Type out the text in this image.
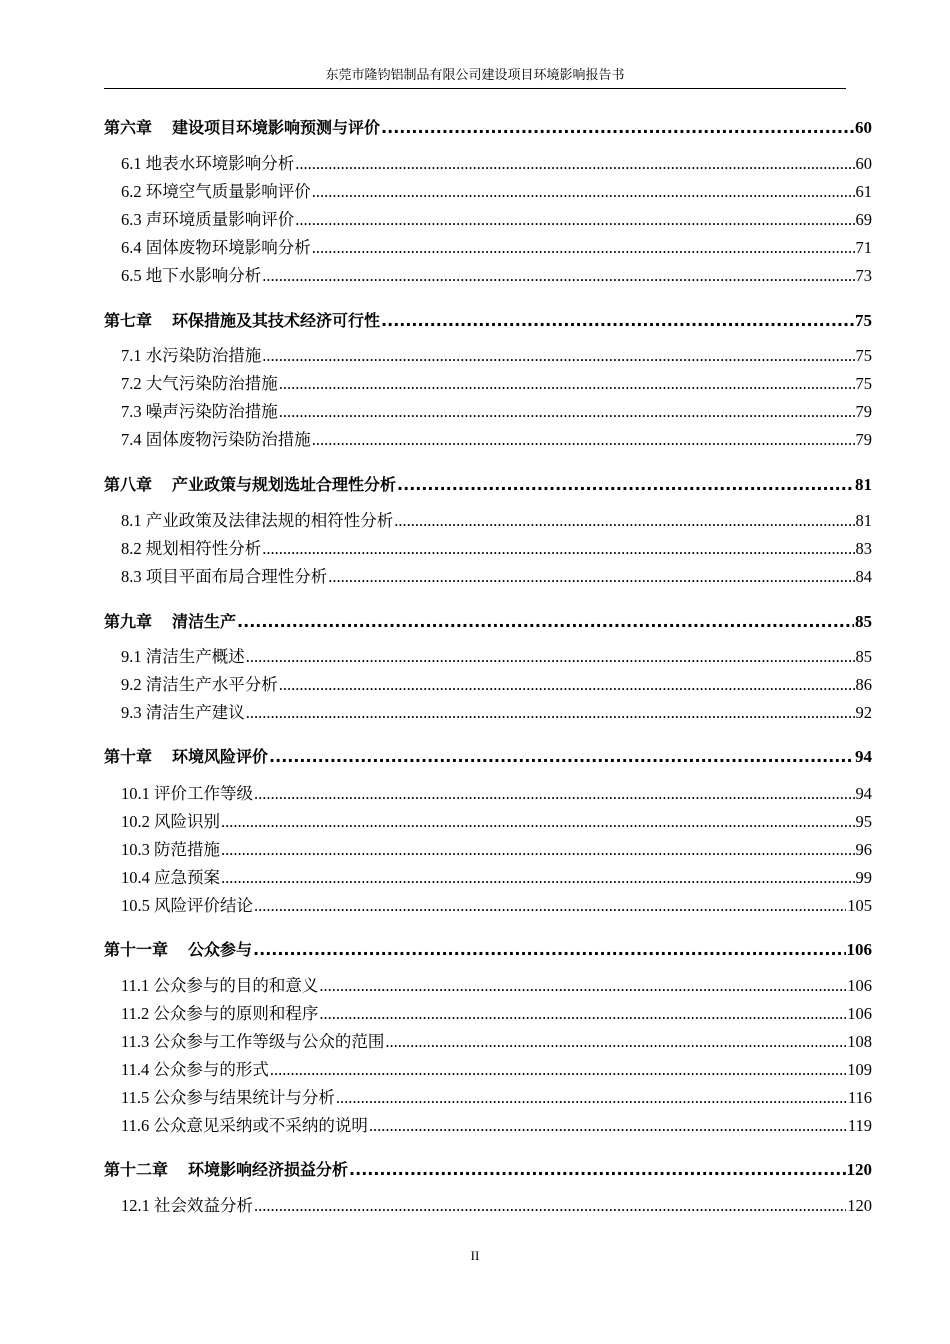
东莞市隆钧铝制品有限公司建设项目环境影响报告书
第六章 建设项目环境影响预测与评价 .....	60
6.1 地表水环境影响分析 .....	60
6.2 环境空气质量影响评价 .....	61
6.3 声环境质量影响评价 .....	69
6.4 固体废物环境影响分析 .....	71
6.5 地下水影响分析 .....	73
第七章 环保措施及其技术经济可行性 .....	75
7.1 水污染防治措施 .....	75
7.2 大气污染防治措施 .....	75
7.3 噪声污染防治措施 .....	79
7.4 固体废物污染防治措施 .....	79
第八章 产业政策与规划选址合理性分析 .....	81
8.1 产业政策及法律法规的相符性分析 .....	81
8.2 规划相符性分析 .....	83
8.3 项目平面布局合理性分析 .....	84
第九章 清洁生产 .....	85
9.1 清洁生产概述 .....	85
9.2 清洁生产水平分析 .....	86
9.3 清洁生产建议 .....	92
第十章 环境风险评价 .....	94
10.1 评价工作等级 .....	94
10.2 风险识别 .....	95
10.3 防范措施 .....	96
10.4 应急预案 .....	99
10.5 风险评价结论 .....	105
第十一章 公众参与 .....	106
11.1 公众参与的目的和意义 .....	106
11.2 公众参与的原则和程序 .....	106
11.3 公众参与工作等级与公众的范围 .....	108
11.4 公众参与的形式 .....	109
11.5 公众参与结果统计与分析 .....	116
11.6 公众意见采纳或不采纳的说明 .....	119
第十二章 环境影响经济损益分析 .....	120
12.1 社会效益分析 .....	120
II
